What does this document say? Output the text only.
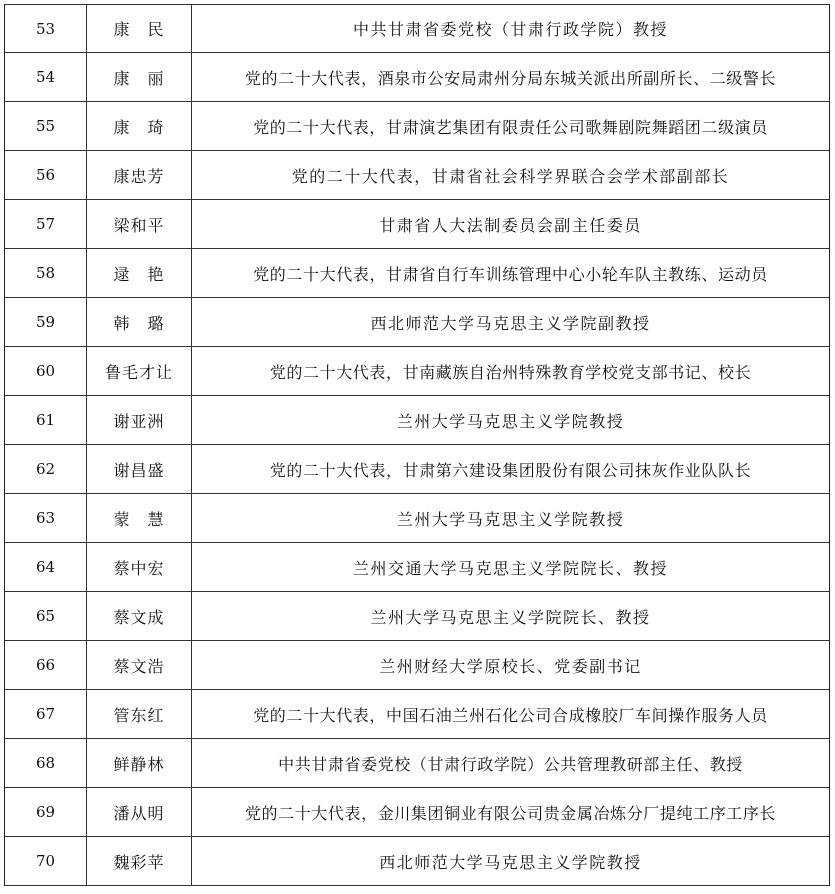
53	康　民	中共甘肃省委党校（甘肃行政学院）教授
54	康　丽	党的二十大代表，酒泉市公安局肃州分局东城关派出所副所长、二级警长
55	康　琦	党的二十大代表，甘肃演艺集团有限责任公司歌舞剧院舞蹈团二级演员
56	康忠芳	党的二十大代表，甘肃省社会科学界联合会学术部副部长
57	梁和平	甘肃省人大法制委员会副主任委员
58	逯　艳	党的二十大代表，甘肃省自行车训练管理中心小轮车队主教练、运动员
59	韩　璐	西北师范大学马克思主义学院副教授
60	鲁毛才让	党的二十大代表，甘南藏族自治州特殊教育学校党支部书记、校长
61	谢亚洲	兰州大学马克思主义学院教授
62	谢昌盛	党的二十大代表，甘肃第六建设集团股份有限公司抹灰作业队队长
63	蒙　慧	兰州大学马克思主义学院教授
64	蔡中宏	兰州交通大学马克思主义学院院长、教授
65	蔡文成	兰州大学马克思主义学院院长、教授
66	蔡文浩	兰州财经大学原校长、党委副书记
67	管东红	党的二十大代表，中国石油兰州石化公司合成橡胶厂车间操作服务人员
68	鲜静林	中共甘肃省委党校（甘肃行政学院）公共管理教研部主任、教授
69	潘从明	党的二十大代表，金川集团铜业有限公司贵金属冶炼分厂提纯工序工序长
70	魏彩苹	西北师范大学马克思主义学院教授
